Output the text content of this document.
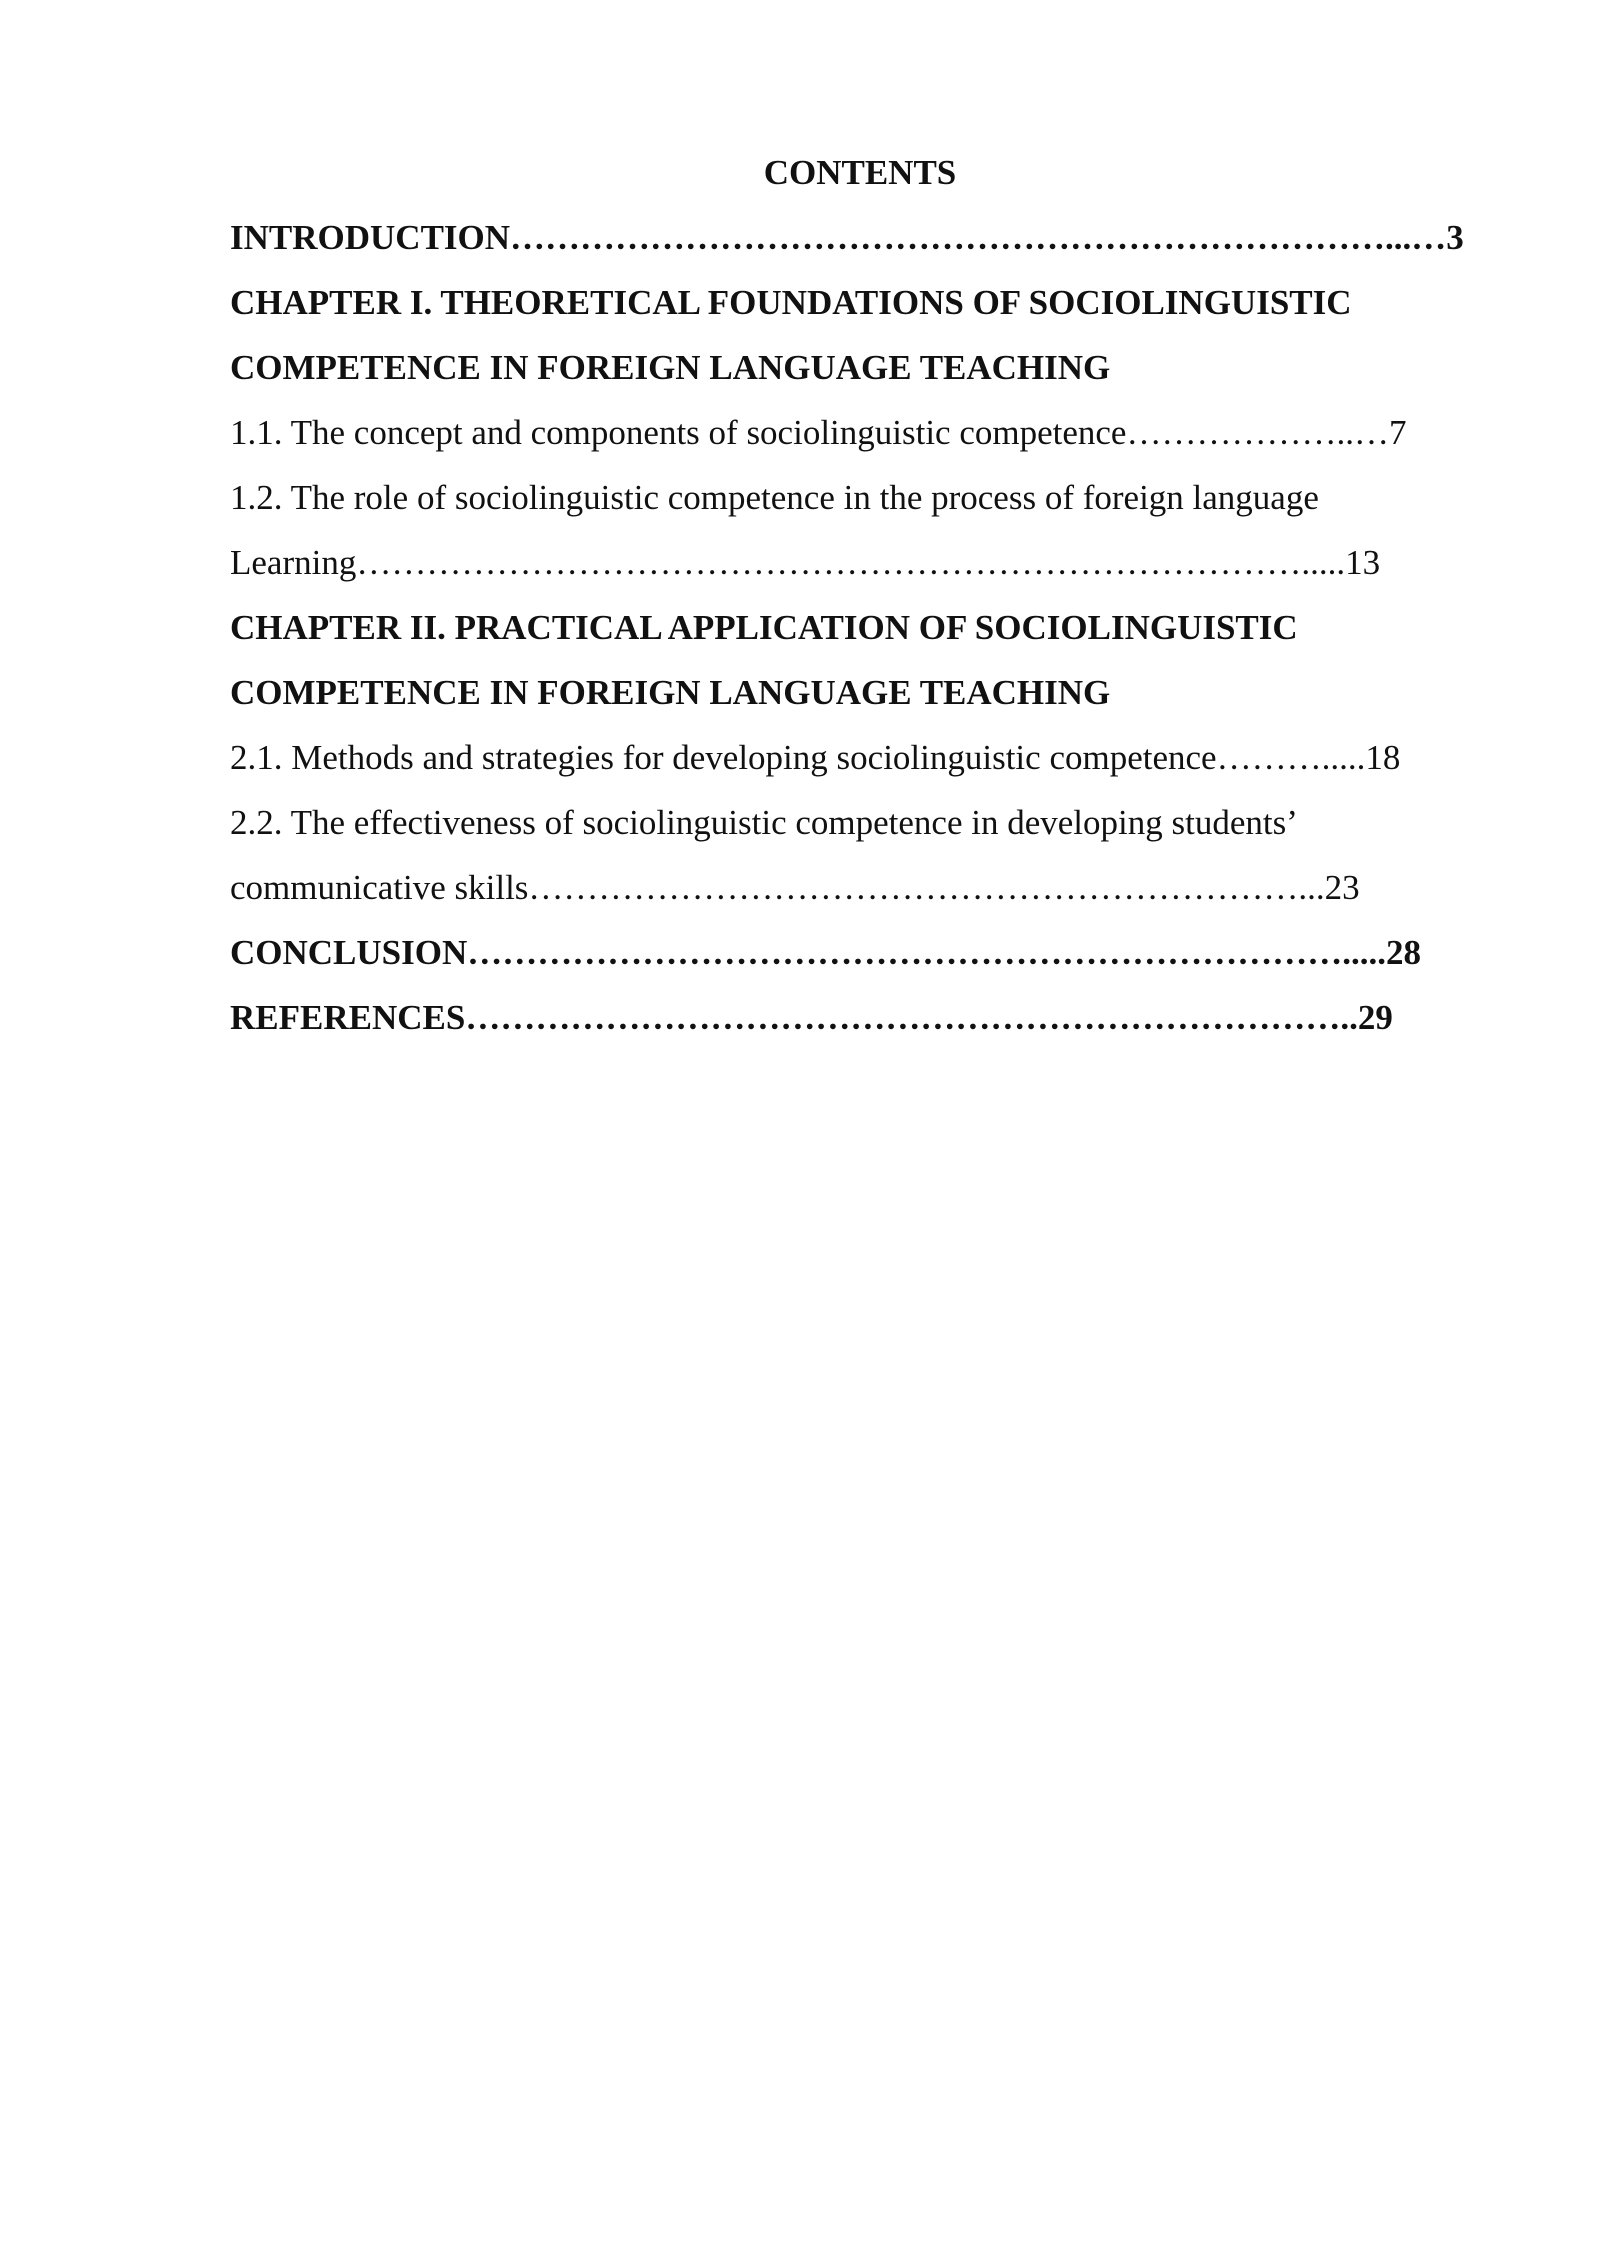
CONTENTS
INTRODUCTION…………………………………………………………………...…3
CHAPTER I. THEORETICAL FOUNDATIONS OF SOCIOLINGUISTIC
COMPETENCE IN FOREIGN LANGUAGE TEACHING
1.1. The concept and components of sociolinguistic competence………………..…7
1.2. The role of sociolinguistic competence in the process of foreign language
Learning……………………………………………………………………….....13
CHAPTER II. PRACTICAL APPLICATION OF SOCIOLINGUISTIC
COMPETENCE IN FOREIGN LANGUAGE TEACHING
2.1. Methods and strategies for developing sociolinguistic competence……….....18
2.2. The effectiveness of sociolinguistic competence in developing students’
communicative skills…………………………………………………………...23
CONCLUSION………………………………………………………………….....28
REFERENCES…………………………………………………………………..29
